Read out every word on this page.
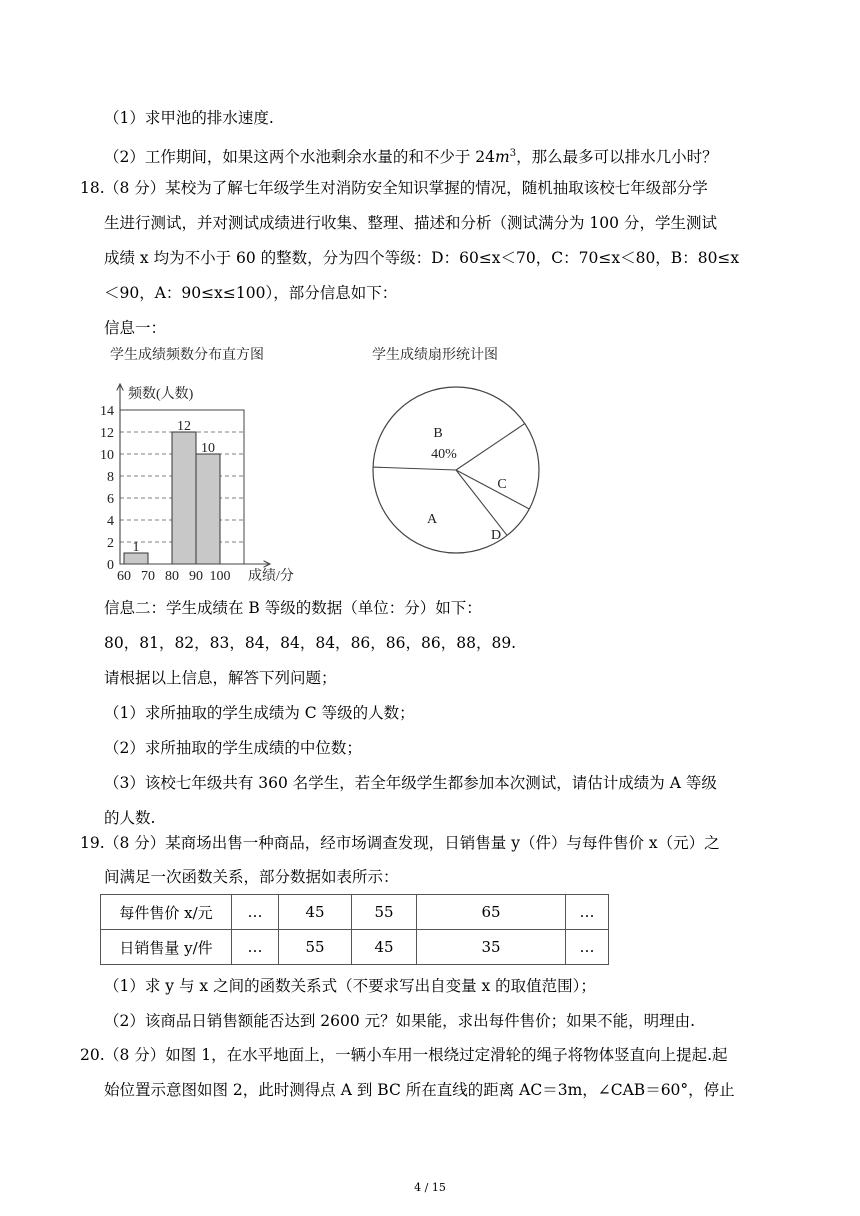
（1）求甲池的排水速度.
（2）工作期间，如果这两个水池剩余水量的和不少于 $24m^3$，那么最多可以排水几小时？
18. （8 分）某校为了解七年级学生对消防安全知识掌握的情况，随机抽取该校七年级部分学
生进行测试，并对测试成绩进行收集、整理、描述和分析（测试满分为 100 分，学生测试
成绩 x 均为不小于 60 的整数，分为四个等级：D：60≤x＜70，C：70≤x＜80，B：80≤x
＜90，A：90≤x≤100），部分信息如下：
信息一：
学生成绩频数分布直方图	学生成绩扇形统计图
0
2
4
6
8
10
12
14
1
12
10
60 70 80 90 100
频数(人数)
成绩/分
B
40%
C
D
A
信息二：学生成绩在 B 等级的数据（单位：分）如下：
80，81，82，83，84，84，84，86，86，86，88，89.
请根据以上信息，解答下列问题；
（1）求所抽取的学生成绩为 C 等级的人数；
（2）求所抽取的学生成绩的中位数；
（3）该校七年级共有 360 名学生，若全年级学生都参加本次测试，请估计成绩为 A 等级
的人数.
19. （8 分）某商场出售一种商品，经市场调查发现，日销售量 y（件）与每件售价 x（元）之
间满足一次函数关系，部分数据如表所示：
每件售价 x/元	…	45	55	65	…
日销售量 y/件	…	55	45	35	…
（1）求 y 与 x 之间的函数关系式（不要求写出自变量 x 的取值范围）；
（2）该商品日销售额能否达到 2600 元？如果能，求出每件售价；如果不能，明理由.
20. （8 分）如图 1，在水平地面上，一辆小车用一根绕过定滑轮的绳子将物体竖直向上提起.起
始位置示意图如图 2，此时测得点 A 到 BC 所在直线的距离 AC＝3m，∠CAB＝60°，停止
4 / 15
